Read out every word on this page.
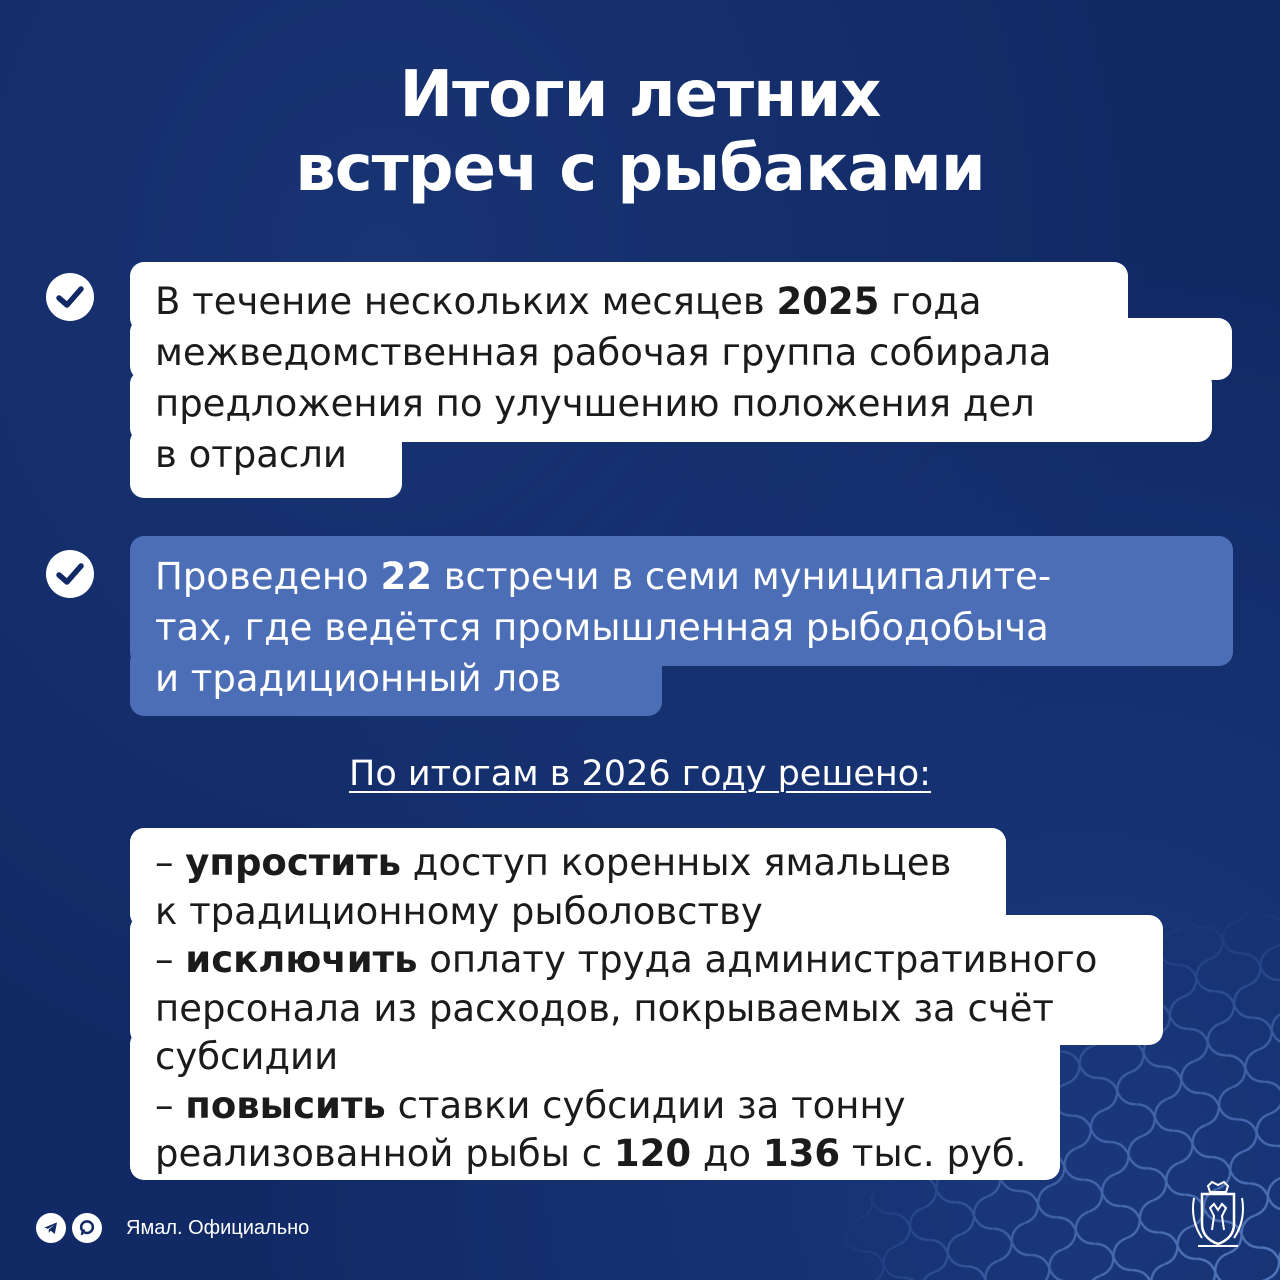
Итоги летних
встреч с рыбаками
В течение нескольких месяцев 2025 года
межведомственная рабочая группа собирала
предложения по улучшению положения дел
в отрасли
Проведено 22 встречи в семи муниципалите-
тах, где ведётся промышленная рыбодобыча
и традиционный лов
По итогам в 2026 году решено:
– упростить доступ коренных ямальцев
к традиционному рыболовству
– исключить оплату труда административного
персонала из расходов, покрываемых за счёт
субсидии
– повысить ставки субсидии за тонну
реализованной рыбы с 120 до 136 тыс. руб.
Ямал. Официально
